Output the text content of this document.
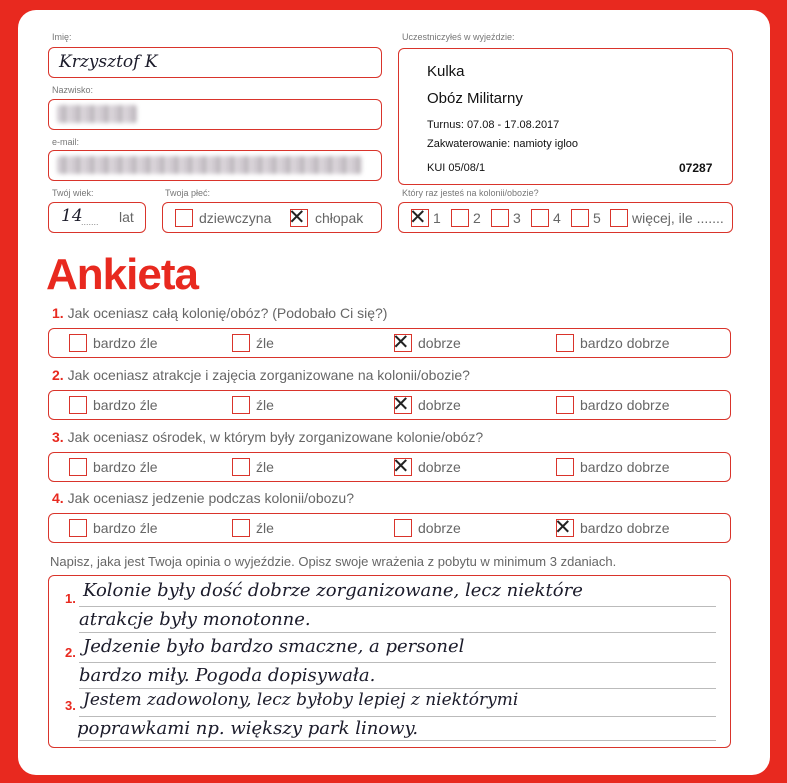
Imię:
Krzysztof K
Nazwisko:
e-mail:
Twój wiek:
14
....... lat
Twoja płeć:
dziewczyna ✕ chłopak
Uczestniczyłeś w wyjeździe:
Kulka
Obóz Militarny
Turnus: 07.08 - 17.08.2017
Zakwaterowanie: namioty igloo
KUI 05/08/1	07287
Który raz jesteś na kolonii/obozie?
✕ 1 2 3 4 5 więcej, ile .......
Ankieta
1. Jak oceniasz całą kolonię/obóz? (Podobało Ci się?)
bardzo źle	źle	✕ dobrze	bardzo dobrze
2. Jak oceniasz atrakcje i zajęcia zorganizowane na kolonii/obozie?
bardzo źle	źle	✕ dobrze	bardzo dobrze
3. Jak oceniasz ośrodek, w którym były zorganizowane kolonie/obóz?
bardzo źle	źle	✕ dobrze	bardzo dobrze
4. Jak oceniasz jedzenie podczas kolonii/obozu?
bardzo źle	źle	dobrze	✕ bardzo dobrze
Napisz, jaka jest Twoja opinia o wyjeździe. Opisz swoje wrażenia z pobytu w minimum 3 zdaniach.
1. Kolonie były dość dobrze zorganizowane, lecz niektóre
atrakcje były monotonne.
2. Jedzenie było bardzo smaczne, a personel
bardzo miły. Pogoda dopisywała.
3. Jestem zadowolony, lecz byłoby lepiej z niektórymi
poprawkami np. większy park linowy.
